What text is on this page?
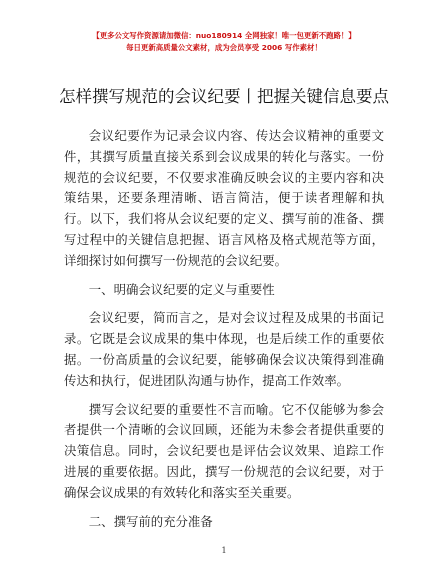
【更多公文写作资源请加微信：nuo180914 全网独家！唯一包更新不跑路！】
每日更新高质量公文素材，成为会员享受 2006 写作素材！
怎样撰写规范的会议纪要丨把握关键信息要点

会议纪要作为记录会议内容、传达会议精神的重要文件，其撰写质量直接关系到会议成果的转化与落实。一份规范的会议纪要，不仅要求准确反映会议的主要内容和决策结果，还要条理清晰、语言简洁，便于读者理解和执行。以下，我们将从会议纪要的定义、撰写前的准备、撰写过程中的关键信息把握、语言风格及格式规范等方面，详细探讨如何撰写一份规范的会议纪要。

一、明确会议纪要的定义与重要性

会议纪要，简而言之，是对会议过程及成果的书面记录。它既是会议成果的集中体现，也是后续工作的重要依据。一份高质量的会议纪要，能够确保会议决策得到准确传达和执行，促进团队沟通与协作，提高工作效率。

撰写会议纪要的重要性不言而喻。它不仅能够为参会者提供一个清晰的会议回顾，还能为未参会者提供重要的决策信息。同时，会议纪要也是评估会议效果、追踪工作进展的重要依据。因此，撰写一份规范的会议纪要，对于确保会议成果的有效转化和落实至关重要。

二、撰写前的充分准备

1
